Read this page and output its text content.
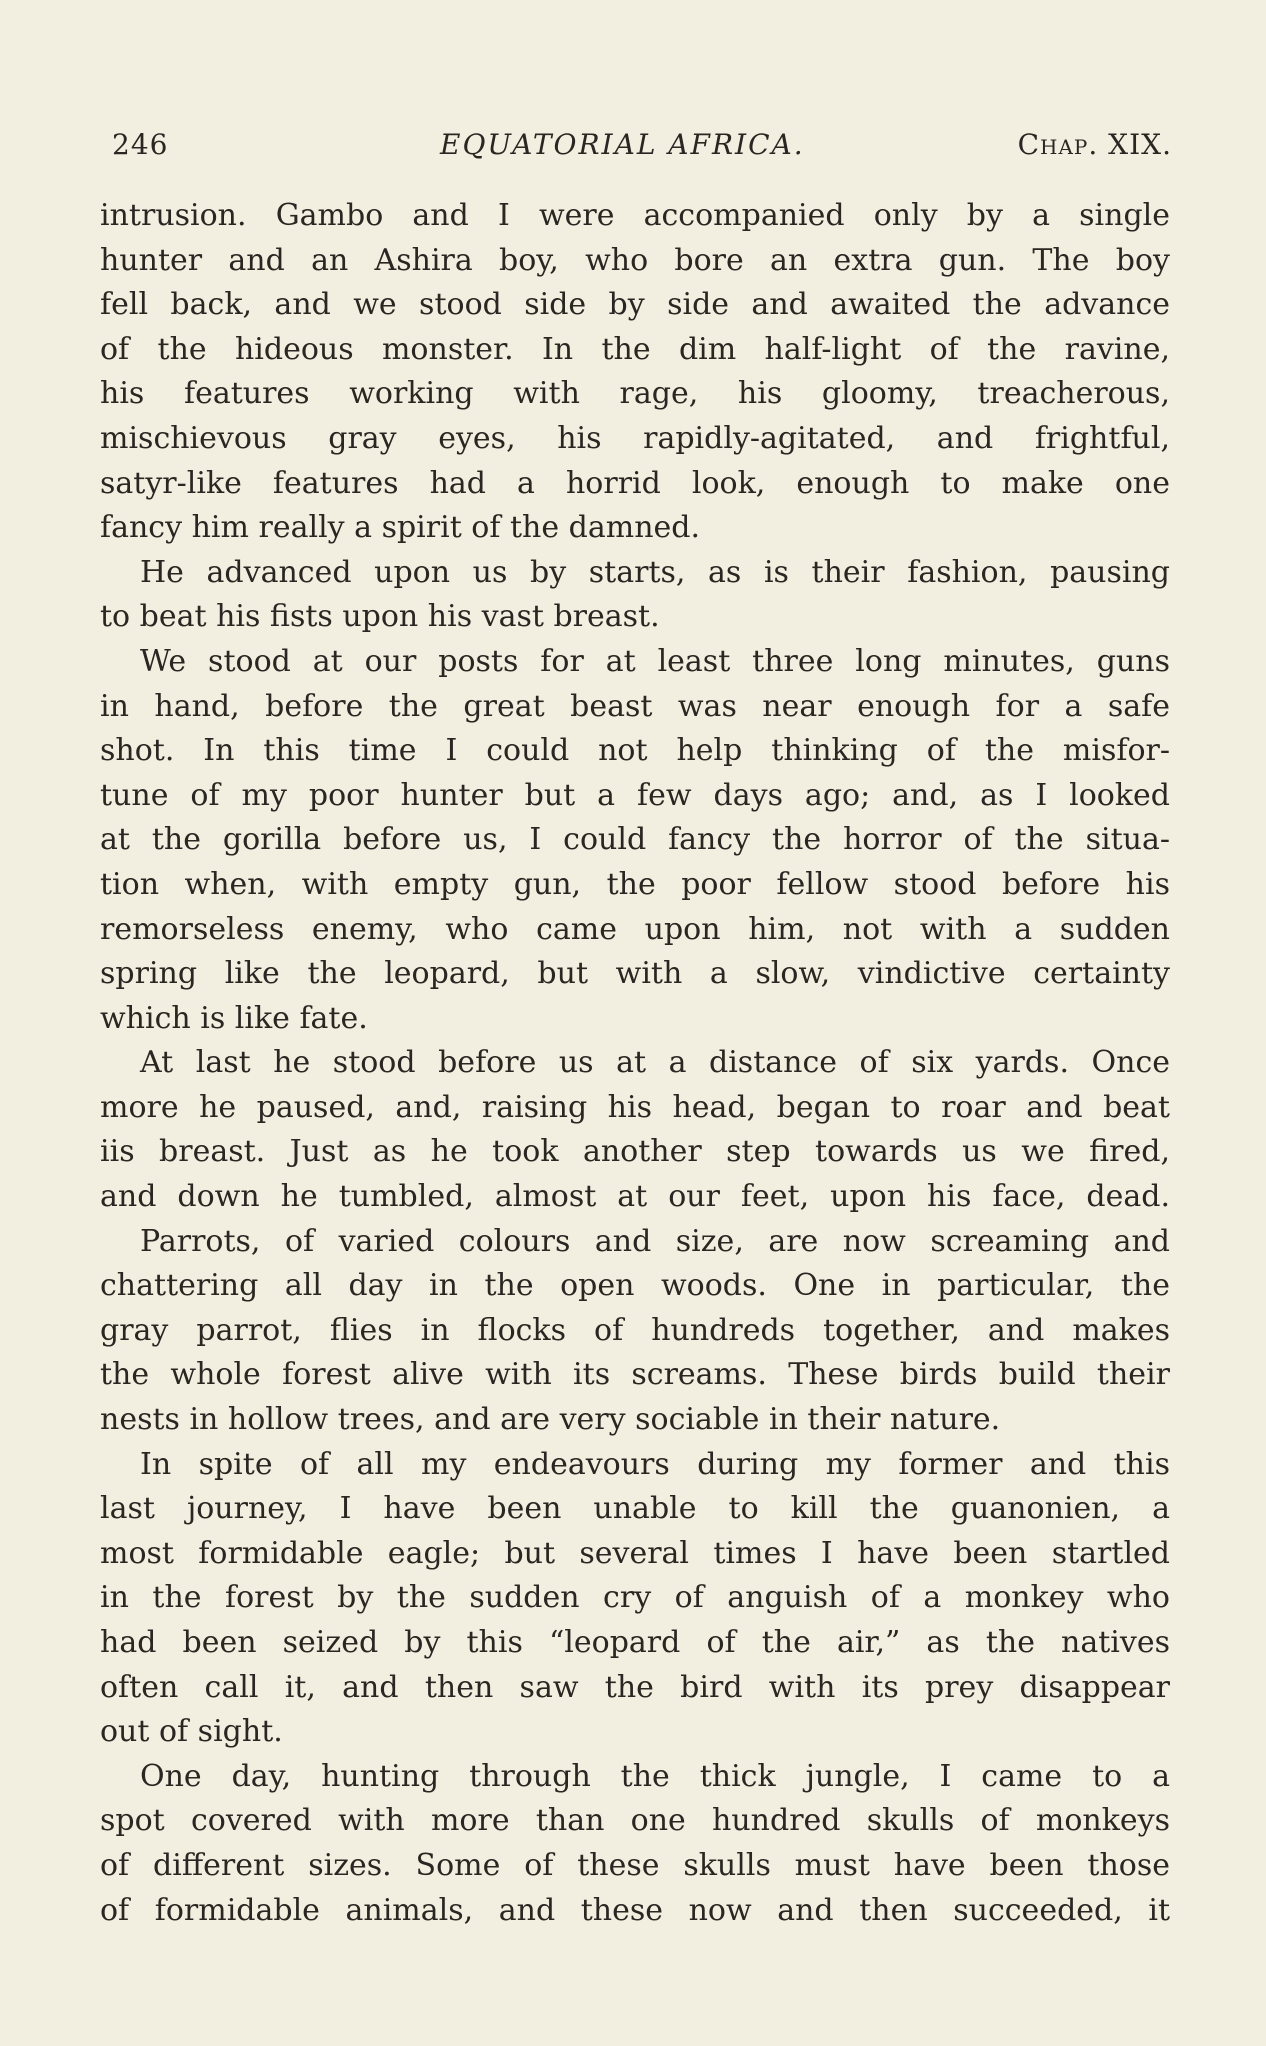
246	EQUATORIAL AFRICA.	Chap. XIX.
intrusion. Gambo and I were accompanied only by a single
hunter and an Ashira boy, who bore an extra gun. The boy
fell back, and we stood side by side and awaited the advance
of the hideous monster. In the dim half-light of the ravine,
his features working with rage, his gloomy, treacherous,
mischievous gray eyes, his rapidly-agitated, and frightful,
satyr-like features had a horrid look, enough to make one
fancy him really a spirit of the damned.
He advanced upon us by starts, as is their fashion, pausing
to beat his fists upon his vast breast.
We stood at our posts for at least three long minutes, guns
in hand, before the great beast was near enough for a safe
shot. In this time I could not help thinking of the misfor-
tune of my poor hunter but a few days ago; and, as I looked
at the gorilla before us, I could fancy the horror of the situa-
tion when, with empty gun, the poor fellow stood before his
remorseless enemy, who came upon him, not with a sudden
spring like the leopard, but with a slow, vindictive certainty
which is like fate.
At last he stood before us at a distance of six yards. Once
more he paused, and, raising his head, began to roar and beat
iis breast. Just as he took another step towards us we fired,
and down he tumbled, almost at our feet, upon his face, dead.
Parrots, of varied colours and size, are now screaming and
chattering all day in the open woods. One in particular, the
gray parrot, flies in flocks of hundreds together, and makes
the whole forest alive with its screams. These birds build their
nests in hollow trees, and are very sociable in their nature.
In spite of all my endeavours during my former and this
last journey, I have been unable to kill the guanonien, a
most formidable eagle; but several times I have been startled
in the forest by the sudden cry of anguish of a monkey who
had been seized by this “leopard of the air,” as the natives
often call it, and then saw the bird with its prey disappear
out of sight.
One day, hunting through the thick jungle, I came to a
spot covered with more than one hundred skulls of monkeys
of different sizes. Some of these skulls must have been those
of formidable animals, and these now and then succeeded, it
